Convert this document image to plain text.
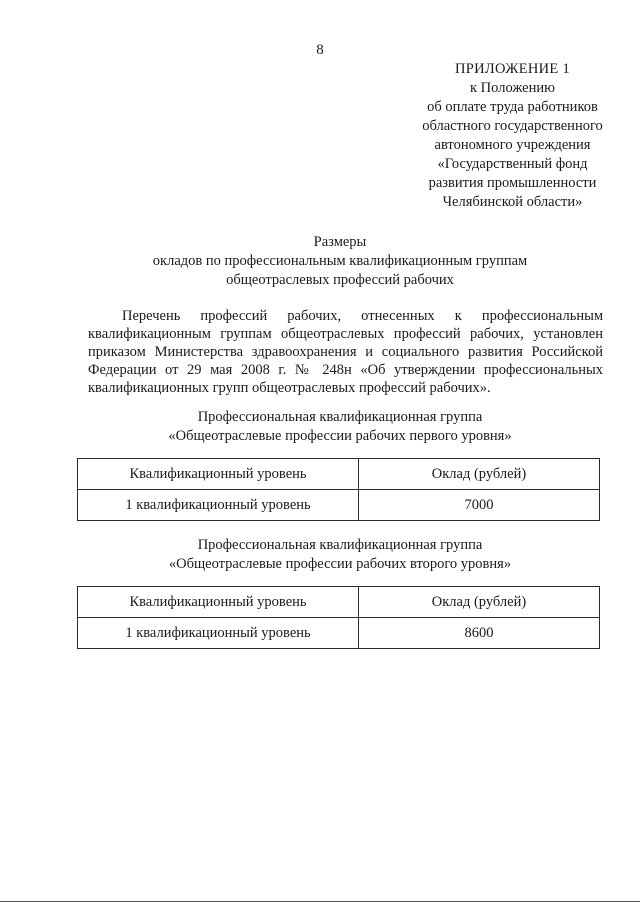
8
ПРИЛОЖЕНИЕ 1
к Положению
об оплате труда работников
областного государственного
автономного учреждения
«Государственный фонд
развития промышленности
Челябинской области»
Размеры
окладов по профессиональным квалификационным группам
общеотраслевых профессий рабочих
Перечень профессий рабочих, отнесенных к профессиональным
квалификационным группам общеотраслевых профессий рабочих, установлен
приказом Министерства здравоохранения и социального развития Российской
Федерации от 29 мая 2008 г. № 248н «Об утверждении профессиональных
квалификационных групп общеотраслевых профессий рабочих».
Профессиональная квалификационная группа
«Общеотраслевые профессии рабочих первого уровня»
Квалификационный уровень	Оклад (рублей)
1 квалификационный уровень	7000
Профессиональная квалификационная группа
«Общеотраслевые профессии рабочих второго уровня»
Квалификационный уровень	Оклад (рублей)
1 квалификационный уровень	8600
